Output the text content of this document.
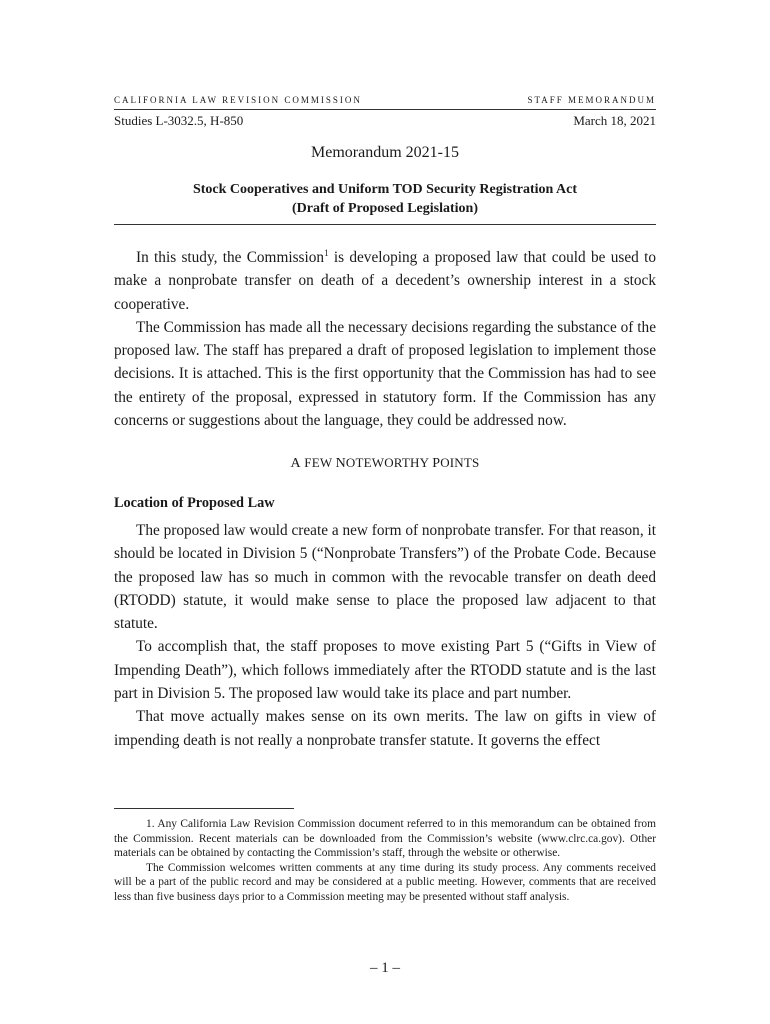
CALIFORNIA LAW REVISION COMMISSION	STAFF MEMORANDUM
Studies L-3032.5, H-850	March 18, 2021
Memorandum 2021-15
Stock Cooperatives and Uniform TOD Security Registration Act
(Draft of Proposed Legislation)

In this study, the Commission$^1$ is developing a proposed law that could be used to make a nonprobate transfer on death of a decedent’s ownership interest in a stock cooperative.

The Commission has made all the necessary decisions regarding the substance of the proposed law. The staff has prepared a draft of proposed legislation to implement those decisions. It is attached. This is the first opportunity that the Commission has had to see the entirety of the proposal, expressed in statutory form. If the Commission has any concerns or suggestions about the language, they could be addressed now.

A FEW NOTEWORTHY POINTS
Location of Proposed Law

The proposed law would create a new form of nonprobate transfer. For that reason, it should be located in Division 5 (“Nonprobate Transfers”) of the Probate Code. Because the proposed law has so much in common with the revocable transfer on death deed (RTODD) statute, it would make sense to place the proposed law adjacent to that statute.

To accomplish that, the staff proposes to move existing Part 5 (“Gifts in View of Impending Death”), which follows immediately after the RTODD statute and is the last part in Division 5. The proposed law would take its place and part number.

That move actually makes sense on its own merits. The law on gifts in view of impending death is not really a nonprobate transfer statute. It governs the effect

1. Any California Law Revision Commission document referred to in this memorandum can be obtained from the Commission. Recent materials can be downloaded from the Commission’s website (www.clrc.ca.gov). Other materials can be obtained by contacting the Commission’s staff, through the website or otherwise.

The Commission welcomes written comments at any time during its study process. Any comments received will be a part of the public record and may be considered at a public meeting. However, comments that are received less than five business days prior to a Commission meeting may be presented without staff analysis.

– 1 –
